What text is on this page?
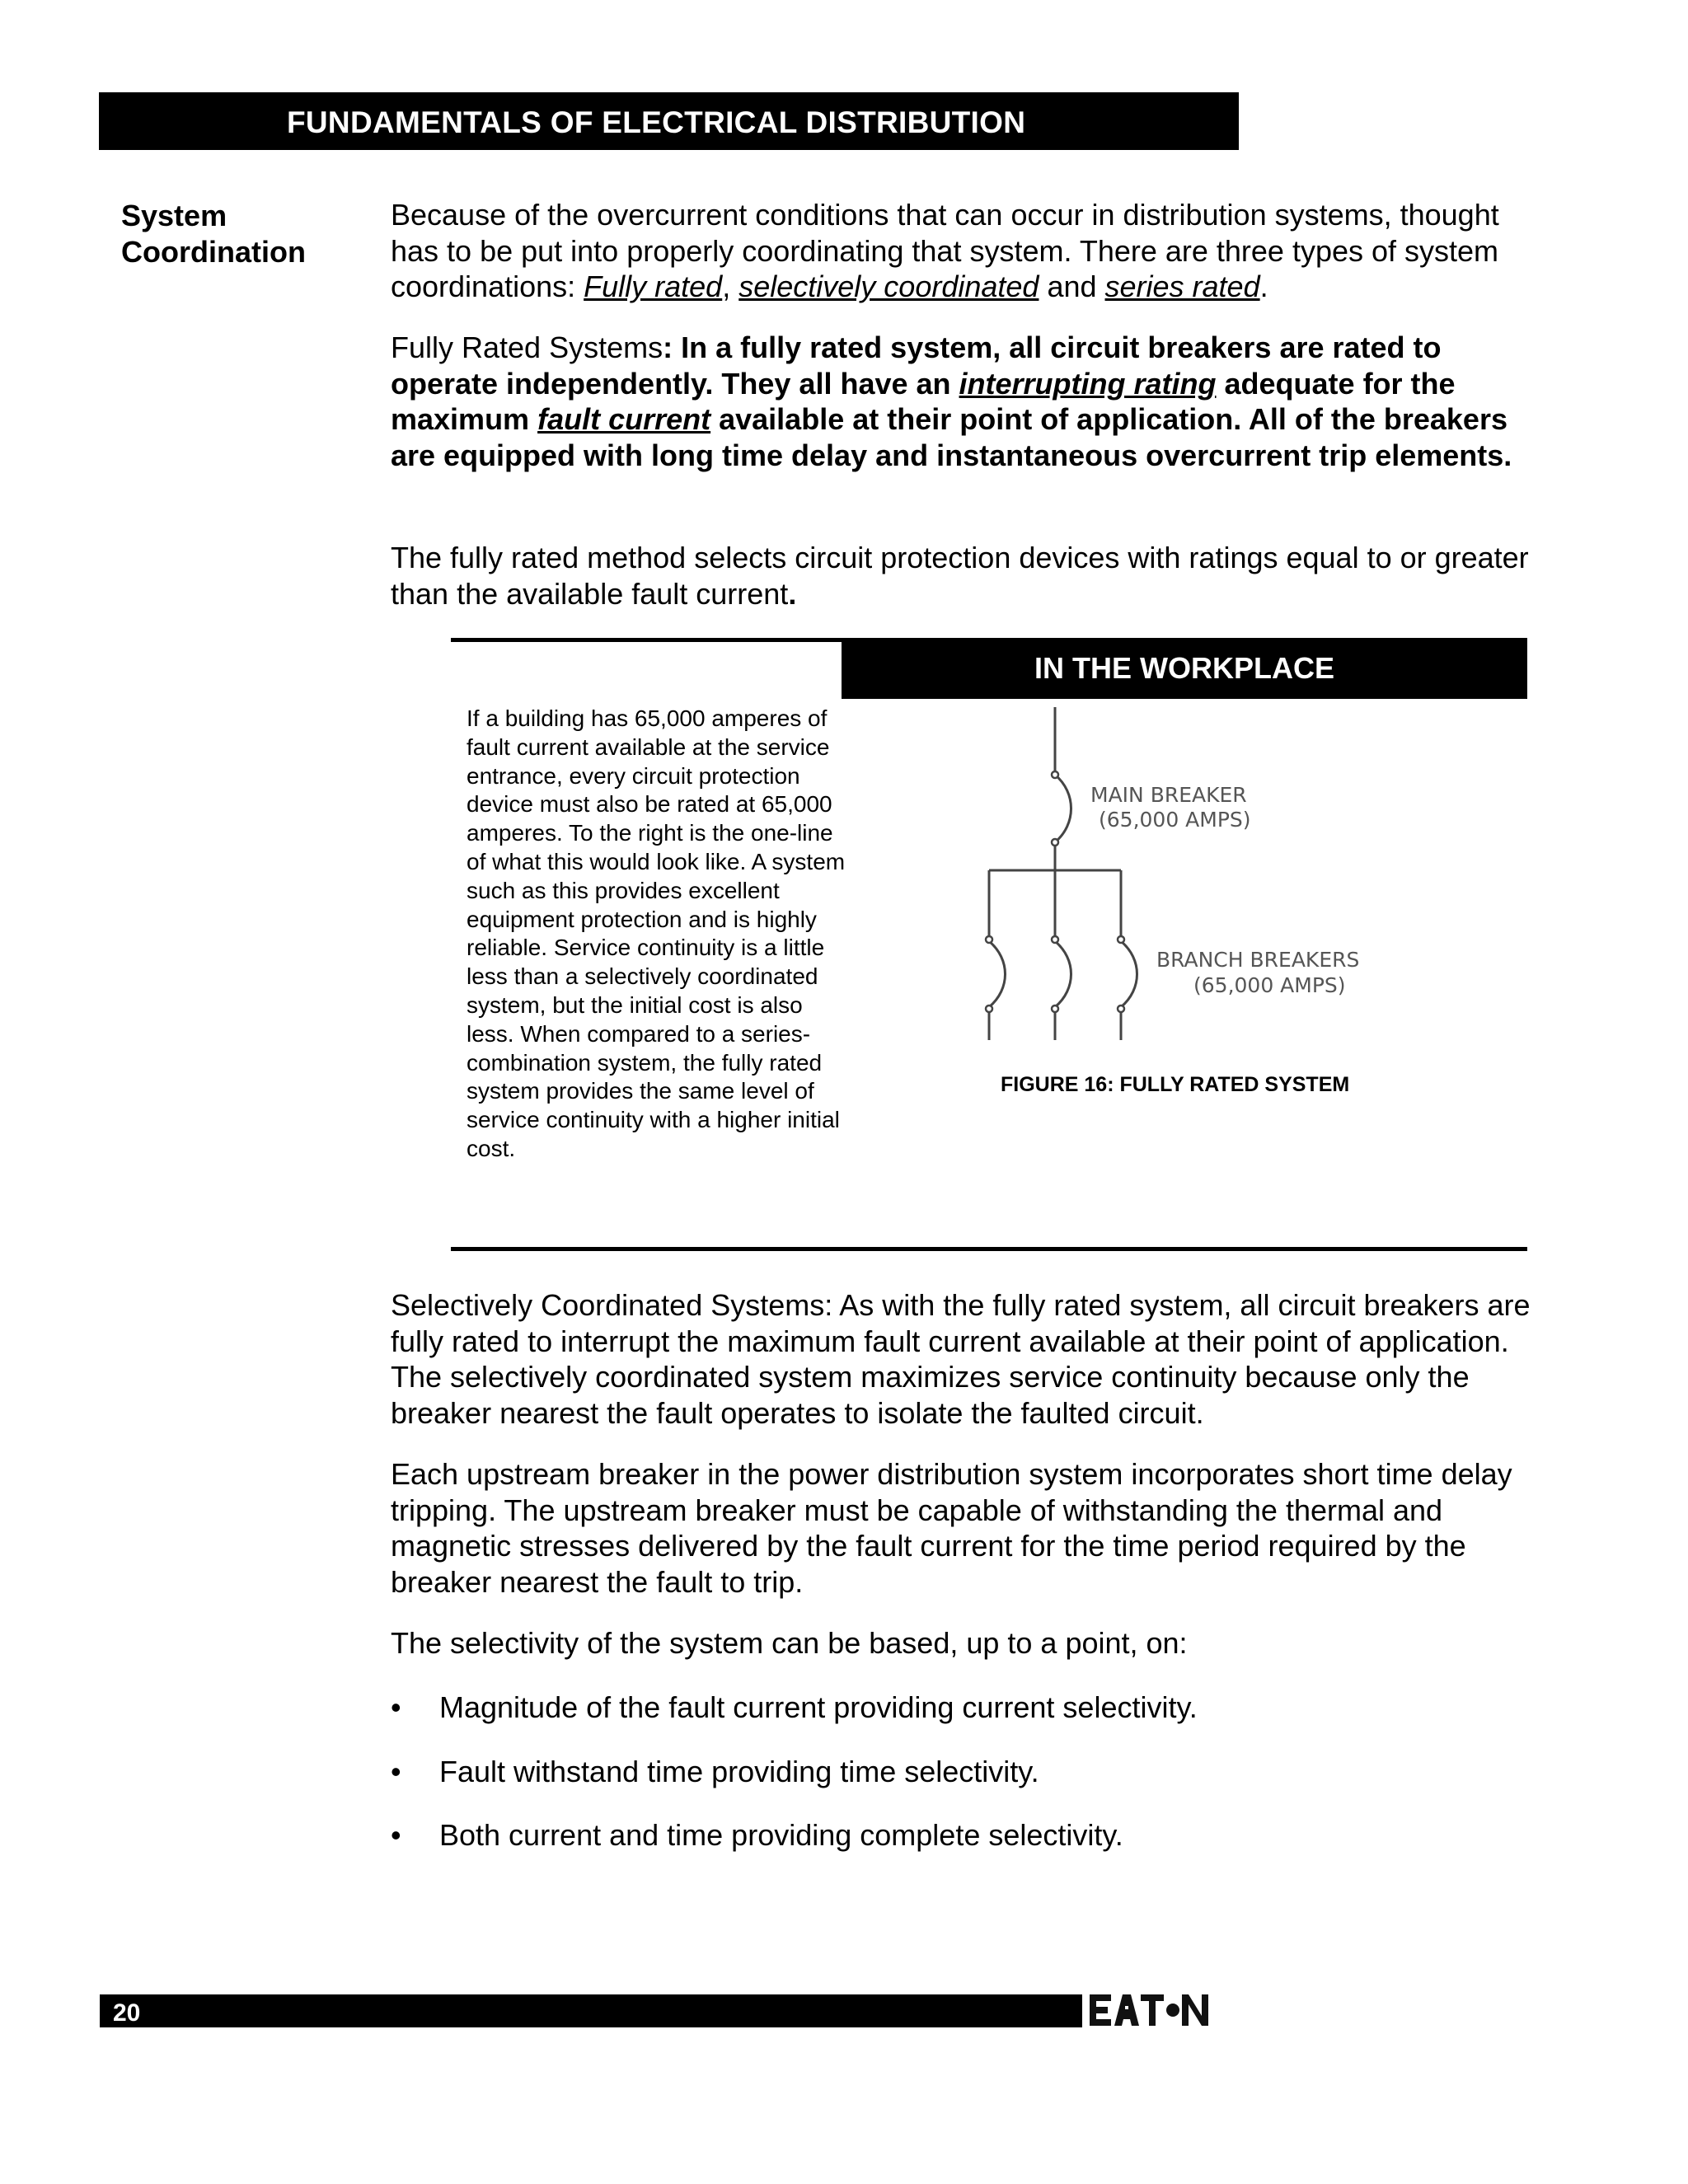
FUNDAMENTALS OF ELECTRICAL DISTRIBUTION
System
Coordination

Because of the overcurrent conditions that can occur in distribution systems, thought has to be put into properly coordinating that system. There are three types of system coordinations: Fully rated, selectively coordinated and series rated.

Fully Rated Systems: In a fully rated system, all circuit breakers are rated to operate independently. They all have an interrupting rating adequate for the maximum fault current available at their point of application. All of the breakers are equipped with long time delay and instantaneous overcurrent trip elements.

The fully rated method selects circuit protection devices with ratings equal to or greater than the available fault current.

IN THE WORKPLACE
If a building has 65,000 amperes of fault current available at the service entrance, every circuit protection device must also be rated at 65,000 amperes. To the right is the one-line of what this would look like. A system such as this provides excellent equipment protection and is highly reliable. Service continuity is a little less than a selectively coordinated system, but the initial cost is also less. When compared to a series-combination system, the fully rated system provides the same level of service continuity with a higher initial cost.
MAIN BREAKER
(65,000 AMPS)
BRANCH BREAKERS
(65,000 AMPS)
FIGURE 16: FULLY RATED SYSTEM

Selectively Coordinated Systems: As with the fully rated system, all circuit breakers are fully rated to interrupt the maximum fault current available at their point of application. The selectively coordinated system maximizes service continuity because only the breaker nearest the fault operates to isolate the faulted circuit.

Each upstream breaker in the power distribution system incorporates short time delay tripping. The upstream breaker must be capable of withstanding the thermal and magnetic stresses delivered by the fault current for the time period required by the breaker nearest the fault to trip.

The selectivity of the system can be based, up to a point, on:

• Magnitude of the fault current providing current selectivity.
• Fault withstand time providing time selectivity.
• Both current and time providing complete selectivity.
20
